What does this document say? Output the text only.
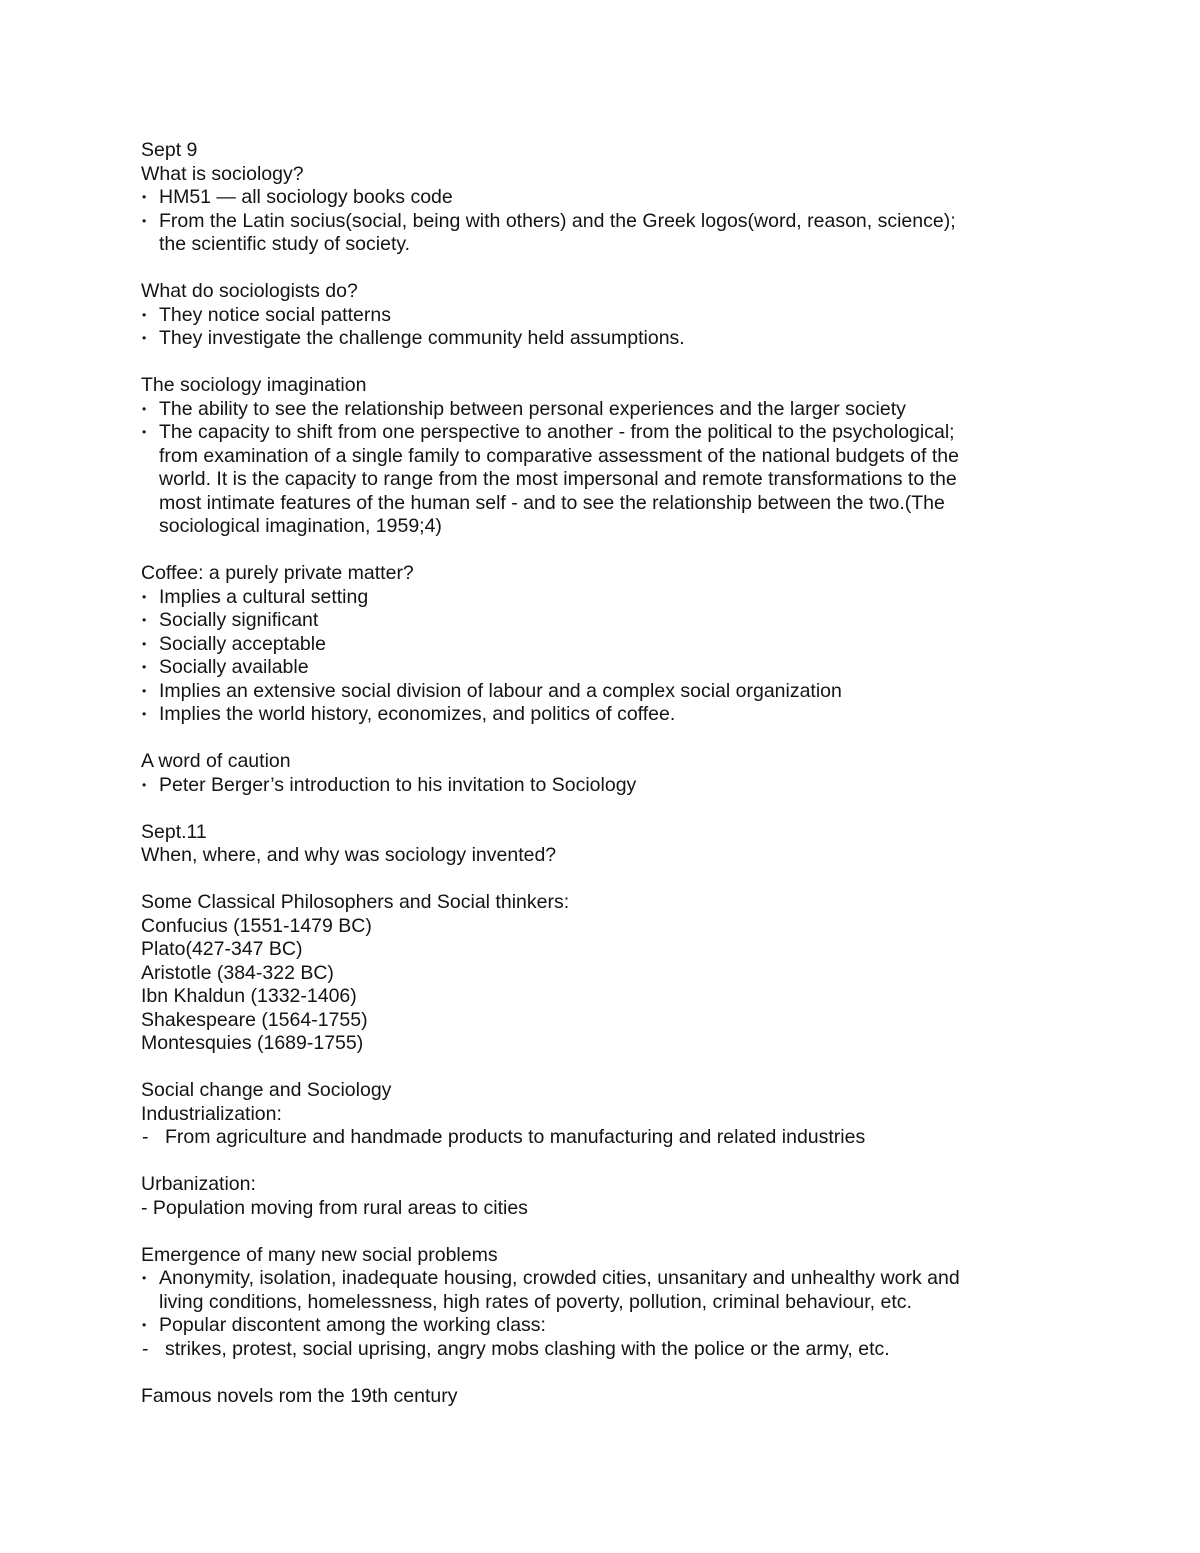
Sept 9
What is sociology?
• HM51 — all sociology books code
• From the Latin socius(social, being with others) and the Greek logos(word, reason, science);
the scientific study of society.
What do sociologists do?
• They notice social patterns
• They investigate the challenge community held assumptions.
The sociology imagination
• The ability to see the relationship between personal experiences and the larger society
• The capacity to shift from one perspective to another - from the political to the psychological;
from examination of a single family to comparative assessment of the national budgets of the
world. It is the capacity to range from the most impersonal and remote transformations to the
most intimate features of the human self - and to see the relationship between the two.(The
sociological imagination, 1959;4)
Coffee: a purely private matter?
• Implies a cultural setting
• Socially significant
• Socially acceptable
• Socially available
• Implies an extensive social division of labour and a complex social organization
• Implies the world history, economizes, and politics of coffee.
A word of caution
• Peter Berger’s introduction to his invitation to Sociology
Sept.11
When, where, and why was sociology invented?
Some Classical Philosophers and Social thinkers:
Confucius (1551-1479 BC)
Plato(427-347 BC)
Aristotle (384-322 BC)
Ibn Khaldun (1332-1406)
Shakespeare (1564-1755)
Montesquies (1689-1755)
Social change and Sociology
Industrialization:
- From agriculture and handmade products to manufacturing and related industries
Urbanization:
- Population moving from rural areas to cities
Emergence of many new social problems
• Anonymity, isolation, inadequate housing, crowded cities, unsanitary and unhealthy work and
living conditions, homelessness, high rates of poverty, pollution, criminal behaviour, etc.
• Popular discontent among the working class:
- strikes, protest, social uprising, angry mobs clashing with the police or the army, etc.
Famous novels rom the 19th century
